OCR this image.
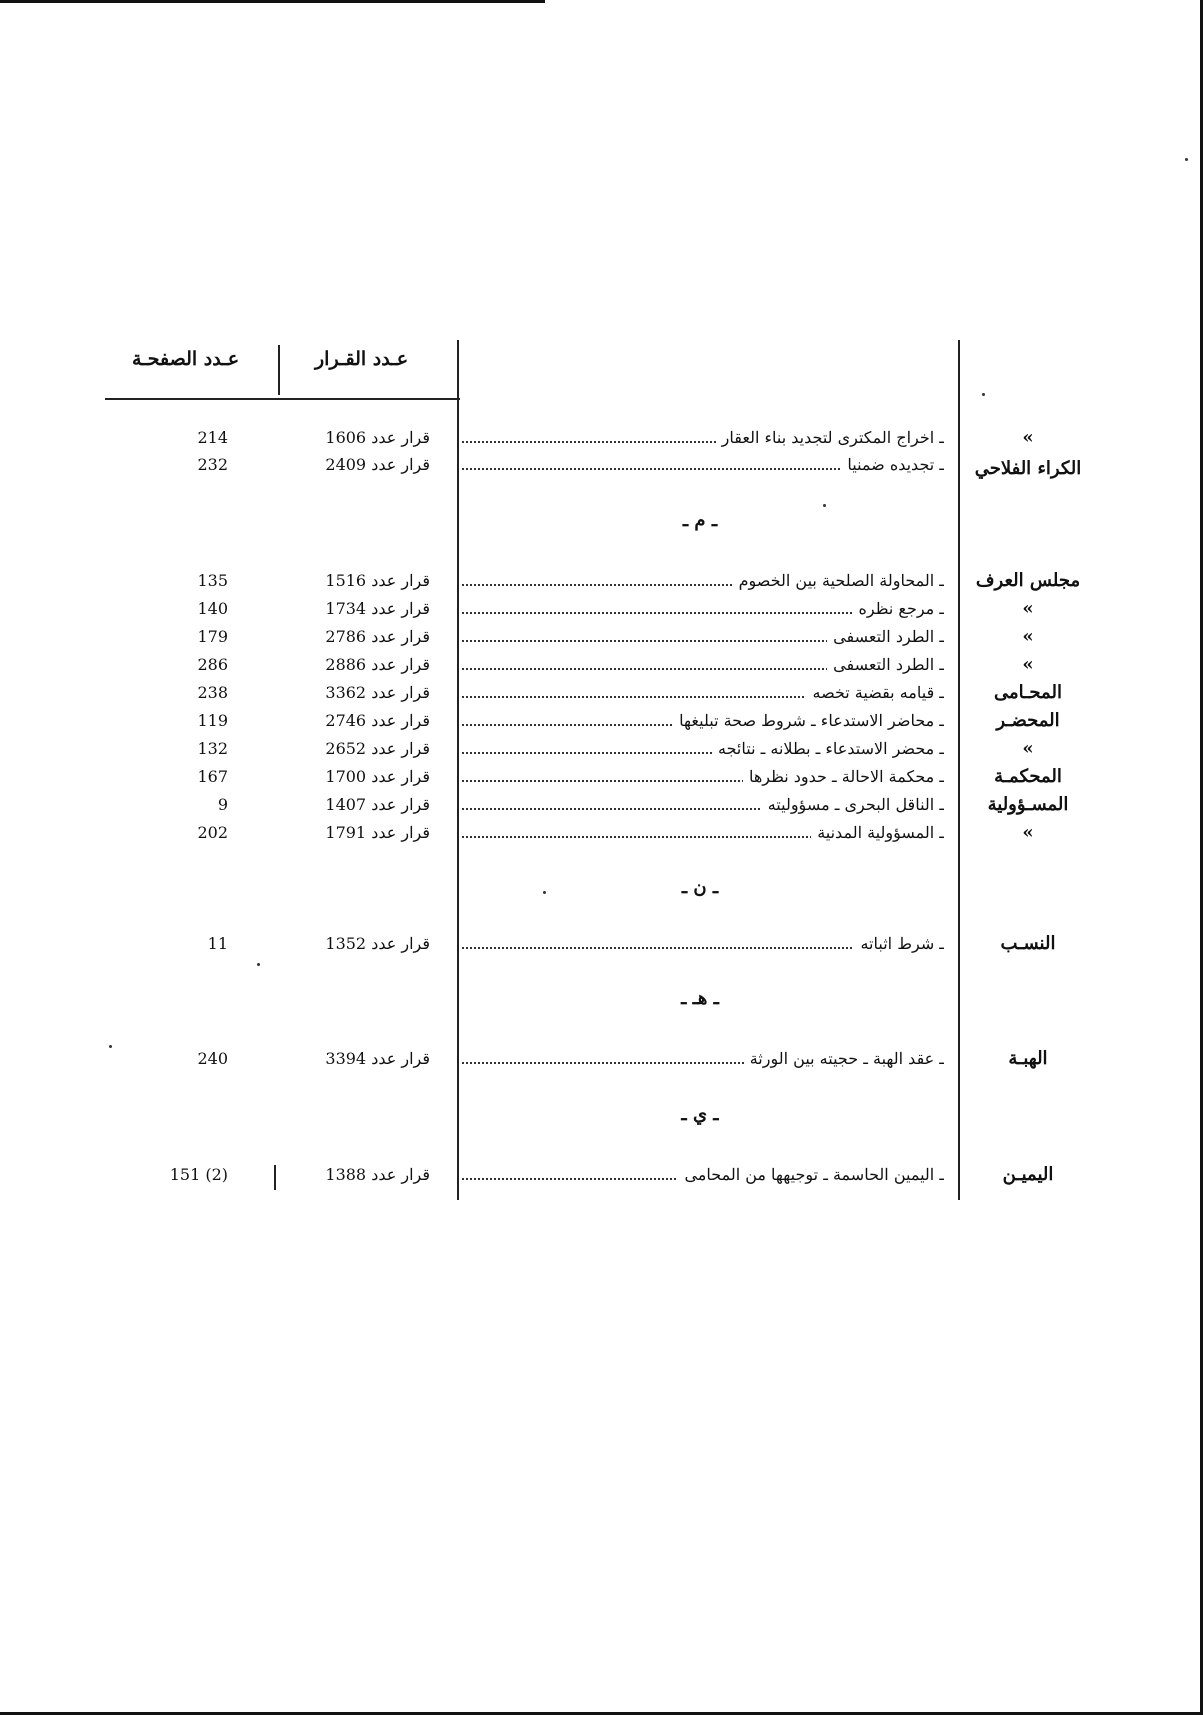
عـدد الصفحـة	عـدد القـرار
»
ـ اخراج المكترى لتجديد بناء العقار
قرار عدد 1606
214
الكراء الفلاحي
ـ تجديده ضمنيا
قرار عدد 2409
232
ـ م ـ
مجلس العرف
ـ المحاولة الصلحية بين الخصوم
قرار عدد 1516
135
»
ـ مرجع نظره
قرار عدد 1734
140
»
ـ الطرد التعسفى
قرار عدد 2786
179
»
ـ الطرد التعسفى
قرار عدد 2886
286
المحـامى
ـ قيامه بقضية تخصه
قرار عدد 3362
238
المحضـر
ـ محاضر الاستدعاء ـ شروط صحة تبليغها
قرار عدد 2746
119
»
ـ محضر الاستدعاء ـ بطلانه ـ نتائجه
قرار عدد 2652
132
المحكمـة
ـ محكمة الاحالة ـ حدود نظرها
قرار عدد 1700
167
المسـؤولية
ـ الناقل البحرى ـ مسؤوليته
قرار عدد 1407
9
»
ـ المسؤولية المدنية
قرار عدد 1791
202
ـ ن ـ
النسـب
ـ شرط اثباته
قرار عدد 1352
11
ـ هـ ـ
الهبـة
ـ عقد الهبة ـ حجيته بين الورثة
قرار عدد 3394
240
ـ ي ـ
اليميـن
ـ اليمين الحاسمة ـ توجيهها من المحامى
قرار عدد 1388
151 (2)
